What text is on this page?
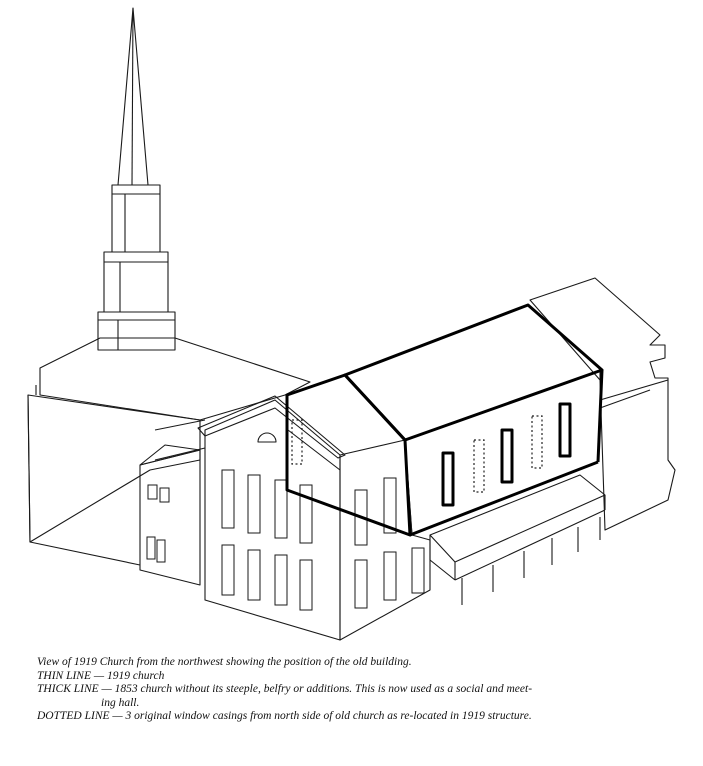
View of 1919 Church from the northwest showing the position of the old building.
THIN LINE — 1919 church
THICK LINE — 1853 church without its steeple, belfry or additions. This is now used as a social and meet-
ing hall.
DOTTED LINE — 3 original window casings from north side of old church as re-located in 1919 structure.
